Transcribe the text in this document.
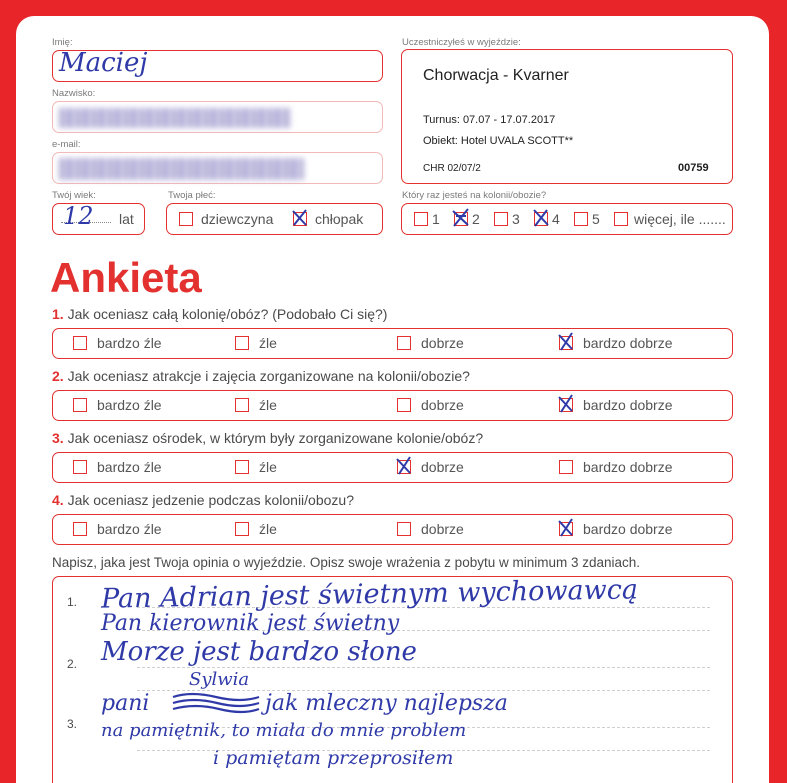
Imię:
Maciej
Nazwisko:
e-mail:
Twój wiek:
12 lat
Twoja płeć:
dziewczyna	chłopak
Uczestniczyłeś w wyjeździe:
Chorwacja - Kvarner
Turnus: 07.07 - 17.07.2017
Obiekt: Hotel UVALA SCOTT**
CHR 02/07/2	00759
Który raz jesteś na kolonii/obozie?
1 2 3 4 5 więcej, ile .......
Ankieta
Napisz, jaka jest Twoja opinia o wyjeździe. Opisz swoje wrażenia z pobytu w minimum 3 zdaniach.
1.
2.
3.
Pan Adrian jest świetnym wychowawcą
Pan kierownik jest świetny
Morze jest bardzo słone
Sylwia
pani	jak mleczny najlepsza
na pamiętnik, to miała do mnie problem
i pamiętam przeprosiłem
1. Jak oceniasz całą kolonię/obóz? (Podobało Ci się?)
bardzo źle	źle	dobrze	bardzo dobrze
2. Jak oceniasz atrakcje i zajęcia zorganizowane na kolonii/obozie?
bardzo źle	źle	dobrze	bardzo dobrze
3. Jak oceniasz ośrodek, w którym były zorganizowane kolonie/obóz?
bardzo źle	źle	dobrze	bardzo dobrze
4. Jak oceniasz jedzenie podczas kolonii/obozu?
bardzo źle	źle	dobrze	bardzo dobrze
